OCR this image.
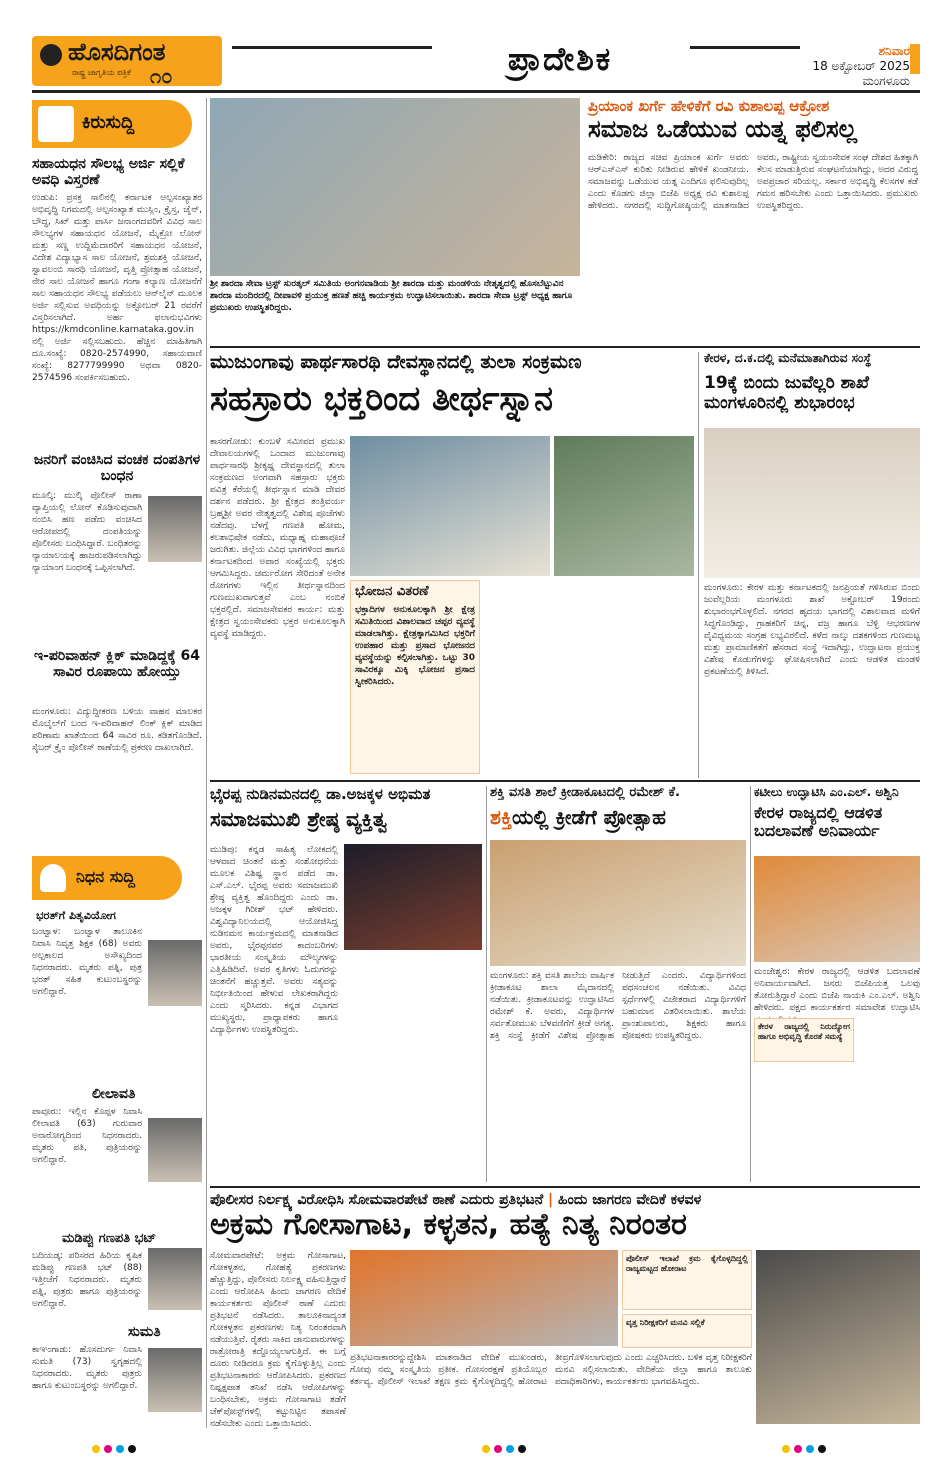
ಹೊಸದಿಗಂತ
ರಾಷ್ಟ್ರ ಜಾಗೃತಿಯ ಪತ್ರಿಕೆ ೧೦	ಪ್ರಾದೇಶಿಕ	ಶನಿವಾರ
18 ಅಕ್ಟೋಬರ್ 2025
ಮಂಗಳೂರು
ಕಿರುಸುದ್ದಿ
ಸಹಾಯಧನ ಸೌಲಭ್ಯ ಅರ್ಜಿ ಸಲ್ಲಿಕೆ ಅವಧಿ ವಿಸ್ತರಣೆ
ಉಡುಪಿ: ಪ್ರಸಕ್ತ ಸಾಲಿನಲ್ಲಿ ಕರ್ನಾಟಕ ಅಲ್ಪಸಂಖ್ಯಾತರ ಅಭಿವೃದ್ಧಿ ನಿಗಮದಲ್ಲಿ ಅಲ್ಪಸಂಖ್ಯಾತ ಮುಸ್ಲಿಂ, ಕ್ರೈಸ್ತ, ಜೈನ್, ಬೌದ್ಧ, ಸಿಖ್ ಮತ್ತು ಪಾರ್ಸಿ ಜನಾಂಗದವರಿಗೆ ವಿವಿಧ ಸಾಲ ಸೌಲಭ್ಯಗಳ ಸಹಾಯಧನ ಯೋಜನೆ, ಮೈಕ್ರೋ ಲೋನ್ ಮತ್ತು ಸಣ್ಣ ಉದ್ದಿಮೆದಾರರಿಗೆ ಸಹಾಯಧನ ಯೋಜನೆ, ವಿದೇಶ ವಿದ್ಯಾಭ್ಯಾಸ ಸಾಲ ಯೋಜನೆ, ಶ್ರಮಶಕ್ತಿ ಯೋಜನೆ, ಸ್ವಾವಲಂಬಿ ಸಾರಥಿ ಯೋಜನೆ, ವೃತ್ತಿ ಪ್ರೋತ್ಸಾಹ ಯೋಜನೆ, ನೇರ ಸಾಲ ಯೋಜನೆ ಹಾಗೂ ಗಂಗಾ ಕಲ್ಯಾಣ ಯೋಜನೆಗೆ ಸಾಲ ಸಹಾಯಧನ ಸೌಲಭ್ಯ ಪಡೆಯಲು ಆನ್‌ಲೈನ್ ಮೂಲಕ ಅರ್ಜಿ ಸಲ್ಲಿಸುವ ಅವಧಿಯನ್ನು ಅಕ್ಟೋಬರ್ 21 ರವರೆಗೆ ವಿಸ್ತರಿಸಲಾಗಿದೆ. ಅರ್ಹ ಫಲಾನುಭವಿಗಳು https://kmdconline.karnataka.gov.in ನಲ್ಲಿ ಅರ್ಜಿ ಸಲ್ಲಿಸಬಹುದು. ಹೆಚ್ಚಿನ ಮಾಹಿತಿಗಾಗಿ ದೂ.ಸಂಖ್ಯೆ: 0820-2574990, ಸಹಾಯವಾಣಿ ಸಂಖ್ಯೆ: 8277799990 ಅಥವಾ 0820-2574596 ಸಂಪರ್ಕಿಸಬಹುದು.
ಜನರಿಗೆ ವಂಚಿಸಿದ ವಂಚಕ ದಂಪತಿಗಳ ಬಂಧನ
ಮೂಲ್ಕಿ: ಮುಲ್ಕಿ ಪೊಲೀಸ್ ಠಾಣಾ ವ್ಯಾಪ್ತಿಯಲ್ಲಿ ಲೋನ್ ಕೊಡಿಸುವುದಾಗಿ ನಂಬಿಸಿ ಹಣ ಪಡೆದು ವಂಚಿಸಿದ ಆರೋಪದಲ್ಲಿ ದಂಪತಿಯನ್ನು ಪೊಲೀಸರು ಬಂಧಿಸಿದ್ದಾರೆ. ಬಂಧಿತರನ್ನು ನ್ಯಾಯಾಲಯಕ್ಕೆ ಹಾಜರುಪಡಿಸಲಾಗಿದ್ದು ನ್ಯಾಯಾಂಗ ಬಂಧನಕ್ಕೆ ಒಪ್ಪಿಸಲಾಗಿದೆ.
ಇ-ಪರಿವಾಹನ್ ಕ್ಲಿಕ್ ಮಾಡಿದ್ದಕ್ಕೆ 64 ಸಾವಿರ ರೂಪಾಯಿ ಹೋಯ್ತು
ಮಂಗಳೂರು: ವಿದ್ಯುದ್ದೀಕರಣ ಬಳಿಯ ವಾಹನ ಮಾಲಕರ ಮೊಬೈಲ್‌ಗೆ ಬಂದ ಇ-ಪರಿವಾಹನ್ ಲಿಂಕ್ ಕ್ಲಿಕ್ ಮಾಡಿದ ಪರಿಣಾಮ ಖಾತೆಯಿಂದ 64 ಸಾವಿರ ರೂ. ಕಡಿತಗೊಂಡಿದೆ. ಸೈಬರ್ ಕ್ರೈಂ ಪೊಲೀಸ್ ಠಾಣೆಯಲ್ಲಿ ಪ್ರಕರಣ ದಾಖಲಾಗಿದೆ.
ನಿಧನ ಸುದ್ದಿ
ಭರತ್‌ಗೆ ಪಿತೃವಿಯೋಗ
ಬಂಟ್ವಾಳ: ಬಂಟ್ವಾಳ ತಾಲೂಕಿನ ನಿವಾಸಿ ನಿವೃತ್ತ ಶಿಕ್ಷಕ (68) ಅವರು ಅಲ್ಪಕಾಲದ ಅಸೌಖ್ಯದಿಂದ ನಿಧನರಾದರು. ಮೃತರು ಪತ್ನಿ, ಪುತ್ರ ಭರತ್ ಸಹಿತ ಕುಟುಂಬಸ್ಥರನ್ನು ಅಗಲಿದ್ದಾರೆ.
ಲೀಲಾವತಿ
ಪಾವೂರು: ಇಲ್ಲಿನ ಕೊಪ್ಪಳ ನಿವಾಸಿ ಲೀಲಾವತಿ (63) ಗುರುವಾರ ಅನಾರೋಗ್ಯದಿಂದ ನಿಧನರಾದರು. ಮೃತರು ಪತಿ, ಪುತ್ರಿಯರನ್ನು ಅಗಲಿದ್ದಾರೆ.
ಮಡಿಪ್ಪು ಗಣಪತಿ ಭಟ್
ಬದಿಯಡ್ಕ: ಪರಿಸರದ ಹಿರಿಯ ಕೃಷಿಕ ಮಡಿಪ್ಪು ಗಣಪತಿ ಭಟ್ (88) ಇತ್ತೀಚೆಗೆ ನಿಧನರಾದರು. ಮೃತರು ಪತ್ನಿ, ಪುತ್ರರು ಹಾಗೂ ಪುತ್ರಿಯರನ್ನು ಅಗಲಿದ್ದಾರೆ.
ಸುಮತಿ
ಕಾಞಂಗಾಡು: ಹೊಸದುರ್ಗ ನಿವಾಸಿ ಸುಮತಿ (73) ಸ್ವಗೃಹದಲ್ಲಿ ನಿಧನರಾದರು. ಮೃತರು ಪುತ್ರರು ಹಾಗೂ ಕುಟುಂಬಸ್ಥರನ್ನು ಅಗಲಿದ್ದಾರೆ.
ಶ್ರೀ ಶಾರದಾ ಸೇವಾ ಟ್ರಸ್ಟ್ ಸುರತ್ಕಲ್ ಸಮಿತಿಯ ಅಂಗನವಾಡಿಯ ಶ್ರೀ ಶಾರದಾ ಮತ್ತು ಮಂಡಳಿಯ ನೇತೃತ್ವದಲ್ಲಿ ಹೊಸಬೆಟ್ಟುವಿನ ಶಾರದಾ ಮಂದಿರದಲ್ಲಿ ದೀಪಾವಳಿ ಪ್ರಯುಕ್ತ ಹಣತೆ ಹಚ್ಚಿ ಕಾರ್ಯಕ್ರಮ ಉದ್ಘಾಟಿಸಲಾಯಿತು. ಶಾರದಾ ಸೇವಾ ಟ್ರಸ್ಟ್ ಅಧ್ಯಕ್ಷ ಹಾಗೂ ಪ್ರಮುಖರು ಉಪಸ್ಥಿತರಿದ್ದರು.
ಪ್ರಿಯಾಂಕ ಖರ್ಗೆ ಹೇಳಿಕೆಗೆ ರವಿ ಕುಶಾಲಪ್ಪ ಆಕ್ರೋಶ
ಸಮಾಜ ಒಡೆಯುವ ಯತ್ನ ಫಲಿಸಲ್ಲ
ಮಡಿಕೇರಿ: ರಾಜ್ಯದ ಸಚಿವ ಪ್ರಿಯಾಂಕ ಖರ್ಗೆ ಅವರು ಆರ್‌ಎಸ್‌ಎಸ್ ಕುರಿತು ನೀಡಿರುವ ಹೇಳಿಕೆ ಖಂಡನೀಯ. ಸಮಾಜವನ್ನು ಒಡೆಯುವ ಯತ್ನ ಎಂದಿಗೂ ಫಲಿಸುವುದಿಲ್ಲ ಎಂದು ಕೊಡಗು ಜಿಲ್ಲಾ ಬಿಜೆಪಿ ಅಧ್ಯಕ್ಷ ರವಿ ಕುಶಾಲಪ್ಪ ಹೇಳಿದರು. ನಗರದಲ್ಲಿ ಸುದ್ದಿಗೋಷ್ಠಿಯಲ್ಲಿ ಮಾತನಾಡಿದ ಅವರು, ರಾಷ್ಟ್ರೀಯ ಸ್ವಯಂಸೇವಕ ಸಂಘ ದೇಶದ ಹಿತಕ್ಕಾಗಿ ಕೆಲಸ ಮಾಡುತ್ತಿರುವ ಸಂಘಟನೆಯಾಗಿದ್ದು, ಅದರ ವಿರುದ್ಧ ಅಪಪ್ರಚಾರ ಸರಿಯಲ್ಲ. ಸರ್ಕಾರ ಅಭಿವೃದ್ಧಿ ಕೆಲಸಗಳ ಕಡೆ ಗಮನ ಹರಿಸಬೇಕು ಎಂದು ಒತ್ತಾಯಿಸಿದರು. ಪ್ರಮುಖರು ಉಪಸ್ಥಿತರಿದ್ದರು.
ಮುಜುಂಗಾವು ಪಾರ್ಥಸಾರಥಿ ದೇವಸ್ಥಾನದಲ್ಲಿ ತುಲಾ ಸಂಕ್ರಮಣ
ಸಹಸ್ರಾರು ಭಕ್ತರಿಂದ ತೀರ್ಥಸ್ನಾನ
ಕಾಸರಗೋಡು: ಕುಂಬಳೆ ಸಮೀಪದ ಪ್ರಮುಖ ದೇವಾಲಯಗಳಲ್ಲಿ ಒಂದಾದ ಮುಜುಂಗಾವು ಪಾರ್ಥಸಾರಥಿ ಶ್ರೀಕೃಷ್ಣ ದೇವಸ್ಥಾನದಲ್ಲಿ ತುಲಾ ಸಂಕ್ರಮಣದ ಅಂಗವಾಗಿ ಸಹಸ್ರಾರು ಭಕ್ತರು ಪವಿತ್ರ ಕೆರೆಯಲ್ಲಿ ತೀರ್ಥಸ್ನಾನ ಮಾಡಿ ದೇವರ ದರ್ಶನ ಪಡೆದರು. ಶ್ರೀ ಕ್ಷೇತ್ರದ ತಂತ್ರಿವರ್ಯ ಬ್ರಹ್ಮಶ್ರೀ ಅವರ ನೇತೃತ್ವದಲ್ಲಿ ವಿಶೇಷ ಪೂಜೆಗಳು ನಡೆದವು. ಬೆಳಗ್ಗೆ ಗಣಪತಿ ಹೋಮ, ಕಲಶಾಭಿಷೇಕ ನಡೆದು, ಮಧ್ಯಾಹ್ನ ಮಹಾಪೂಜೆ ಜರುಗಿತು. ಜಿಲ್ಲೆಯ ವಿವಿಧ ಭಾಗಗಳಿಂದ ಹಾಗೂ ಕರ್ನಾಟಕದಿಂದ ಅಪಾರ ಸಂಖ್ಯೆಯಲ್ಲಿ ಭಕ್ತರು ಆಗಮಿಸಿದ್ದರು. ಚರ್ಮರೋಗ ಸೇರಿದಂತೆ ಅನೇಕ ರೋಗಗಳು ಇಲ್ಲಿನ ತೀರ್ಥಸ್ನಾನದಿಂದ ಗುಣಮುಖವಾಗುತ್ತವೆ ಎಂಬ ನಂಬಿಕೆ ಭಕ್ತರಲ್ಲಿದೆ. ಸಮಾಜಸೇವಕರ ಕಾರ್ಯ: ಮತ್ತು ಕ್ಷೇತ್ರದ ಸ್ವಯಂಸೇವಕರು ಭಕ್ತರ ಅನುಕೂಲಕ್ಕಾಗಿ ವ್ಯವಸ್ಥೆ ಮಾಡಿದ್ದರು.
ಭೋಜನ ವಿತರಣೆ
ಭಕ್ತಾದಿಗಳ ಅನುಕೂಲಕ್ಕಾಗಿ ಶ್ರೀ ಕ್ಷೇತ್ರ ಸಮಿತಿಯಿಂದ ವಿಶಾಲವಾದ ಚಪ್ಪರ ವ್ಯವಸ್ಥೆ ಮಾಡಲಾಗಿತ್ತು. ಕ್ಷೇತ್ರಕ್ಕಾಗಮಿಸಿದ ಭಕ್ತರಿಗೆ ಉಪಹಾರ ಮತ್ತು ಪ್ರಸಾದ ಭೋಜನದ ವ್ಯವಸ್ಥೆಯನ್ನು ಕಲ್ಪಿಸಲಾಗಿತ್ತು. ಒಟ್ಟು 30 ಸಾವಿರಕ್ಕೂ ಮಿಕ್ಕಿ ಭೋಜನ ಪ್ರಸಾದ ಸ್ವೀಕರಿಸಿದರು.
ಕೇರಳ, ದ.ಕ.ದಲ್ಲಿ ಮನೆಮಾತಾಗಿರುವ ಸಂಸ್ಥೆ
19ಕ್ಕೆ ಬಿಂದು ಜುವೆಲ್ಲರಿ ಶಾಖೆ ಮಂಗಳೂರಿನಲ್ಲಿ ಶುಭಾರಂಭ
ಮಂಗಳೂರು: ಕೇರಳ ಮತ್ತು ಕರ್ನಾಟಕದಲ್ಲಿ ಜನಪ್ರಿಯತೆ ಗಳಿಸಿರುವ ಬಿಂದು ಜುವೆಲ್ಲರಿಯ ಮಂಗಳೂರು ಶಾಖೆ ಅಕ್ಟೋಬರ್ 19ರಂದು ಶುಭಾರಂಭಗೊಳ್ಳಲಿದೆ. ನಗರದ ಹೃದಯ ಭಾಗದಲ್ಲಿ ವಿಶಾಲವಾದ ಮಳಿಗೆ ಸಿದ್ಧಗೊಂಡಿದ್ದು, ಗ್ರಾಹಕರಿಗೆ ಚಿನ್ನ, ವಜ್ರ ಹಾಗೂ ಬೆಳ್ಳಿ ಆಭರಣಗಳ ವೈವಿಧ್ಯಮಯ ಸಂಗ್ರಹ ಲಭ್ಯವಿರಲಿದೆ. ಕಳೆದ ನಾಲ್ಕು ದಶಕಗಳಿಂದ ಗುಣಮಟ್ಟ ಮತ್ತು ಪ್ರಾಮಾಣಿಕತೆಗೆ ಹೆಸರಾದ ಸಂಸ್ಥೆ ಇದಾಗಿದ್ದು, ಉದ್ಘಾಟನಾ ಪ್ರಯುಕ್ತ ವಿಶೇಷ ಕೊಡುಗೆಗಳನ್ನು ಘೋಷಿಸಲಾಗಿದೆ ಎಂದು ಆಡಳಿತ ಮಂಡಳಿ ಪ್ರಕಟಣೆಯಲ್ಲಿ ತಿಳಿಸಿದೆ.
ಭೈರಪ್ಪ ನುಡಿನಮನದಲ್ಲಿ ಡಾ.ಅಜಕ್ಕಳ ಅಭಿಮತ
ಸಮಾಜಮುಖಿ ಶ್ರೇಷ್ಠ ವ್ಯಕ್ತಿತ್ವ
ಮುಡಿಪು: ಕನ್ನಡ ಸಾಹಿತ್ಯ ಲೋಕದಲ್ಲಿ ಆಳವಾದ ಚಿಂತನೆ ಮತ್ತು ಸಂಶೋಧನೆಯ ಮೂಲಕ ವಿಶಿಷ್ಟ ಸ್ಥಾನ ಪಡೆದ ಡಾ. ಎಸ್.ಎಲ್. ಭೈರಪ್ಪ ಅವರು ಸಮಾಜಮುಖಿ ಶ್ರೇಷ್ಠ ವ್ಯಕ್ತಿತ್ವ ಹೊಂದಿದ್ದರು ಎಂದು ಡಾ. ಅಜಕ್ಕಳ ಗಿರೀಶ್ ಭಟ್ ಹೇಳಿದರು. ವಿಶ್ವವಿದ್ಯಾನಿಲಯದಲ್ಲಿ ಆಯೋಜಿಸಿದ್ದ ನುಡಿನಮನ ಕಾರ್ಯಕ್ರಮದಲ್ಲಿ ಮಾತನಾಡಿದ ಅವರು, ಭೈರಪ್ಪನವರ ಕಾದಂಬರಿಗಳು ಭಾರತೀಯ ಸಂಸ್ಕೃತಿಯ ಮೌಲ್ಯಗಳನ್ನು ಎತ್ತಿಹಿಡಿದಿವೆ. ಅವರ ಕೃತಿಗಳು ಓದುಗರನ್ನು ಚಿಂತನೆಗೆ ಹಚ್ಚುತ್ತವೆ. ಅವರು ಸತ್ಯವನ್ನು ನಿರ್ಭೀತಿಯಿಂದ ಹೇಳುವ ಲೇಖಕರಾಗಿದ್ದರು ಎಂದು ಸ್ಮರಿಸಿದರು. ಕನ್ನಡ ವಿಭಾಗದ ಮುಖ್ಯಸ್ಥರು, ಪ್ರಾಧ್ಯಾಪಕರು ಹಾಗೂ ವಿದ್ಯಾರ್ಥಿಗಳು ಉಪಸ್ಥಿತರಿದ್ದರು.
ಶಕ್ತಿ ವಸತಿ ಶಾಲೆ ಕ್ರೀಡಾಕೂಟದಲ್ಲಿ ರಮೇಶ್ ಕೆ.
ಶಕ್ತಿಯಲ್ಲಿ ಕ್ರೀಡೆಗೆ ಪ್ರೋತ್ಸಾಹ
ಮಂಗಳೂರು: ಶಕ್ತಿ ವಸತಿ ಶಾಲೆಯ ವಾರ್ಷಿಕ ಕ್ರೀಡಾಕೂಟ ಶಾಲಾ ಮೈದಾನದಲ್ಲಿ ನಡೆಯಿತು. ಕ್ರೀಡಾಕೂಟವನ್ನು ಉದ್ಘಾಟಿಸಿದ ರಮೇಶ್ ಕೆ. ಅವರು, ವಿದ್ಯಾರ್ಥಿಗಳ ಸರ್ವತೋಮುಖ ಬೆಳವಣಿಗೆಗೆ ಕ್ರೀಡೆ ಅಗತ್ಯ. ಶಕ್ತಿ ಸಂಸ್ಥೆ ಕ್ರೀಡೆಗೆ ವಿಶೇಷ ಪ್ರೋತ್ಸಾಹ ನೀಡುತ್ತಿದೆ ಎಂದರು. ವಿದ್ಯಾರ್ಥಿಗಳಿಂದ ಪಥಸಂಚಲನ ನಡೆಯಿತು. ವಿವಿಧ ಸ್ಪರ್ಧೆಗಳಲ್ಲಿ ವಿಜೇತರಾದ ವಿದ್ಯಾರ್ಥಿಗಳಿಗೆ ಬಹುಮಾನ ವಿತರಿಸಲಾಯಿತು. ಶಾಲೆಯ ಪ್ರಾಂಶುಪಾಲರು, ಶಿಕ್ಷಕರು ಹಾಗೂ ಪೋಷಕರು ಉಪಸ್ಥಿತರಿದ್ದರು.
ಕಟೀಲು ಉದ್ಘಾಟಿಸಿ ಎಂ.ಎಲ್. ಅಶ್ವಿನಿ
ಕೇರಳ ರಾಜ್ಯದಲ್ಲಿ ಆಡಳಿತ ಬದಲಾವಣೆ ಅನಿವಾರ್ಯ
ಮಂಜೇಶ್ವರ: ಕೇರಳ ರಾಜ್ಯದಲ್ಲಿ ಆಡಳಿತ ಬದಲಾವಣೆ ಅನಿವಾರ್ಯವಾಗಿದೆ. ಜನರು ಬಿಜೆಪಿಯತ್ತ ಒಲವು ತೋರುತ್ತಿದ್ದಾರೆ ಎಂದು ಬಿಜೆಪಿ ನಾಯಕಿ ಎಂ.ಎಲ್. ಅಶ್ವಿನಿ ಹೇಳಿದರು. ಪಕ್ಷದ ಕಾರ್ಯಕರ್ತರ ಸಮಾವೇಶ ಉದ್ಘಾಟಿಸಿ
ಕೇರಳ ರಾಜ್ಯದಲ್ಲಿ ನಿರುದ್ಯೋಗ ಹಾಗೂ ಅಭಿವೃದ್ಧಿ ಕೊರತೆ ಸಮಸ್ಯೆ
ಪೊಲೀಸರ ನಿರ್ಲಕ್ಷ್ಯ ವಿರೋಧಿಸಿ ಸೋಮವಾರಪೇಟೆ ಠಾಣೆ ಎದುರು ಪ್ರತಿಭಟನೆ | ಹಿಂದು ಜಾಗರಣ ವೇದಿಕೆ ಕಳವಳ
ಅಕ್ರಮ ಗೋಸಾಗಾಟ, ಕಳ್ಳತನ, ಹತ್ಯೆ ನಿತ್ಯ ನಿರಂತರ
ಸೋಮವಾರಪೇಟೆ: ಅಕ್ರಮ ಗೋಸಾಗಾಟ, ಗೋಕಳ್ಳತನ, ಗೋಹತ್ಯೆ ಪ್ರಕರಣಗಳು ಹೆಚ್ಚುತ್ತಿದ್ದು, ಪೊಲೀಸರು ನಿರ್ಲಕ್ಷ್ಯ ವಹಿಸುತ್ತಿದ್ದಾರೆ ಎಂದು ಆರೋಪಿಸಿ ಹಿಂದು ಜಾಗರಣ ವೇದಿಕೆ ಕಾರ್ಯಕರ್ತರು ಪೊಲೀಸ್ ಠಾಣೆ ಎದುರು ಪ್ರತಿಭಟನೆ ನಡೆಸಿದರು. ತಾಲೂಕಿನಾದ್ಯಂತ ಗೋಕಳ್ಳತನ ಪ್ರಕರಣಗಳು ನಿತ್ಯ ನಿರಂತರವಾಗಿ ನಡೆಯುತ್ತಿವೆ. ರೈತರು ಸಾಕಿದ ಜಾನುವಾರುಗಳನ್ನು ರಾತ್ರೋರಾತ್ರಿ ಕದ್ದೊಯ್ಯಲಾಗುತ್ತಿದೆ. ಈ ಬಗ್ಗೆ ದೂರು ನೀಡಿದರೂ ಕ್ರಮ ಕೈಗೊಳ್ಳುತ್ತಿಲ್ಲ ಎಂದು ಪ್ರತಿಭಟನಾಕಾರರು ಆರೋಪಿಸಿದರು. ಪ್ರಕರಣದ ನಿಷ್ಪಕ್ಷಪಾತ ತನಿಖೆ ನಡೆಸಿ ಆರೋಪಿಗಳನ್ನು ಬಂಧಿಸಬೇಕು, ಅಕ್ರಮ ಗೋಸಾಗಾಟ ತಡೆಗೆ ಚೆಕ್‌ಪೋಸ್ಟ್‌ಗಳಲ್ಲಿ ಕಟ್ಟುನಿಟ್ಟಿನ ತಪಾಸಣೆ ನಡೆಸಬೇಕು ಎಂದು ಒತ್ತಾಯಿಸಿದರು.
ಪೊಲೀಸ್ ಇಲಾಖೆ ಕ್ರಮ ಕೈಗೊಳ್ಳದಿದ್ದಲ್ಲಿ ರಾಜ್ಯಮಟ್ಟದ ಹೋರಾಟ
ವೃತ್ತ ನಿರೀಕ್ಷಕರಿಗೆ ಮನವಿ ಸಲ್ಲಿಕೆ
ಪ್ರತಿಭಟನಾಕಾರರನ್ನುದ್ದೇಶಿಸಿ ಮಾತನಾಡಿದ ವೇದಿಕೆ ಮುಖಂಡರು, ಗೋವು ನಮ್ಮ ಸಂಸ್ಕೃತಿಯ ಪ್ರತೀಕ. ಗೋಸಂರಕ್ಷಣೆ ಪ್ರತಿಯೊಬ್ಬರ ಕರ್ತವ್ಯ. ಪೊಲೀಸ್ ಇಲಾಖೆ ತಕ್ಷಣ ಕ್ರಮ ಕೈಗೊಳ್ಳದಿದ್ದಲ್ಲಿ ಹೋರಾಟ ತೀವ್ರಗೊಳಿಸಲಾಗುವುದು ಎಂದು ಎಚ್ಚರಿಸಿದರು. ಬಳಿಕ ವೃತ್ತ ನಿರೀಕ್ಷಕರಿಗೆ ಮನವಿ ಸಲ್ಲಿಸಲಾಯಿತು. ವೇದಿಕೆಯ ಜಿಲ್ಲಾ ಹಾಗೂ ತಾಲೂಕು ಪದಾಧಿಕಾರಿಗಳು, ಕಾರ್ಯಕರ್ತರು ಭಾಗವಹಿಸಿದ್ದರು.
